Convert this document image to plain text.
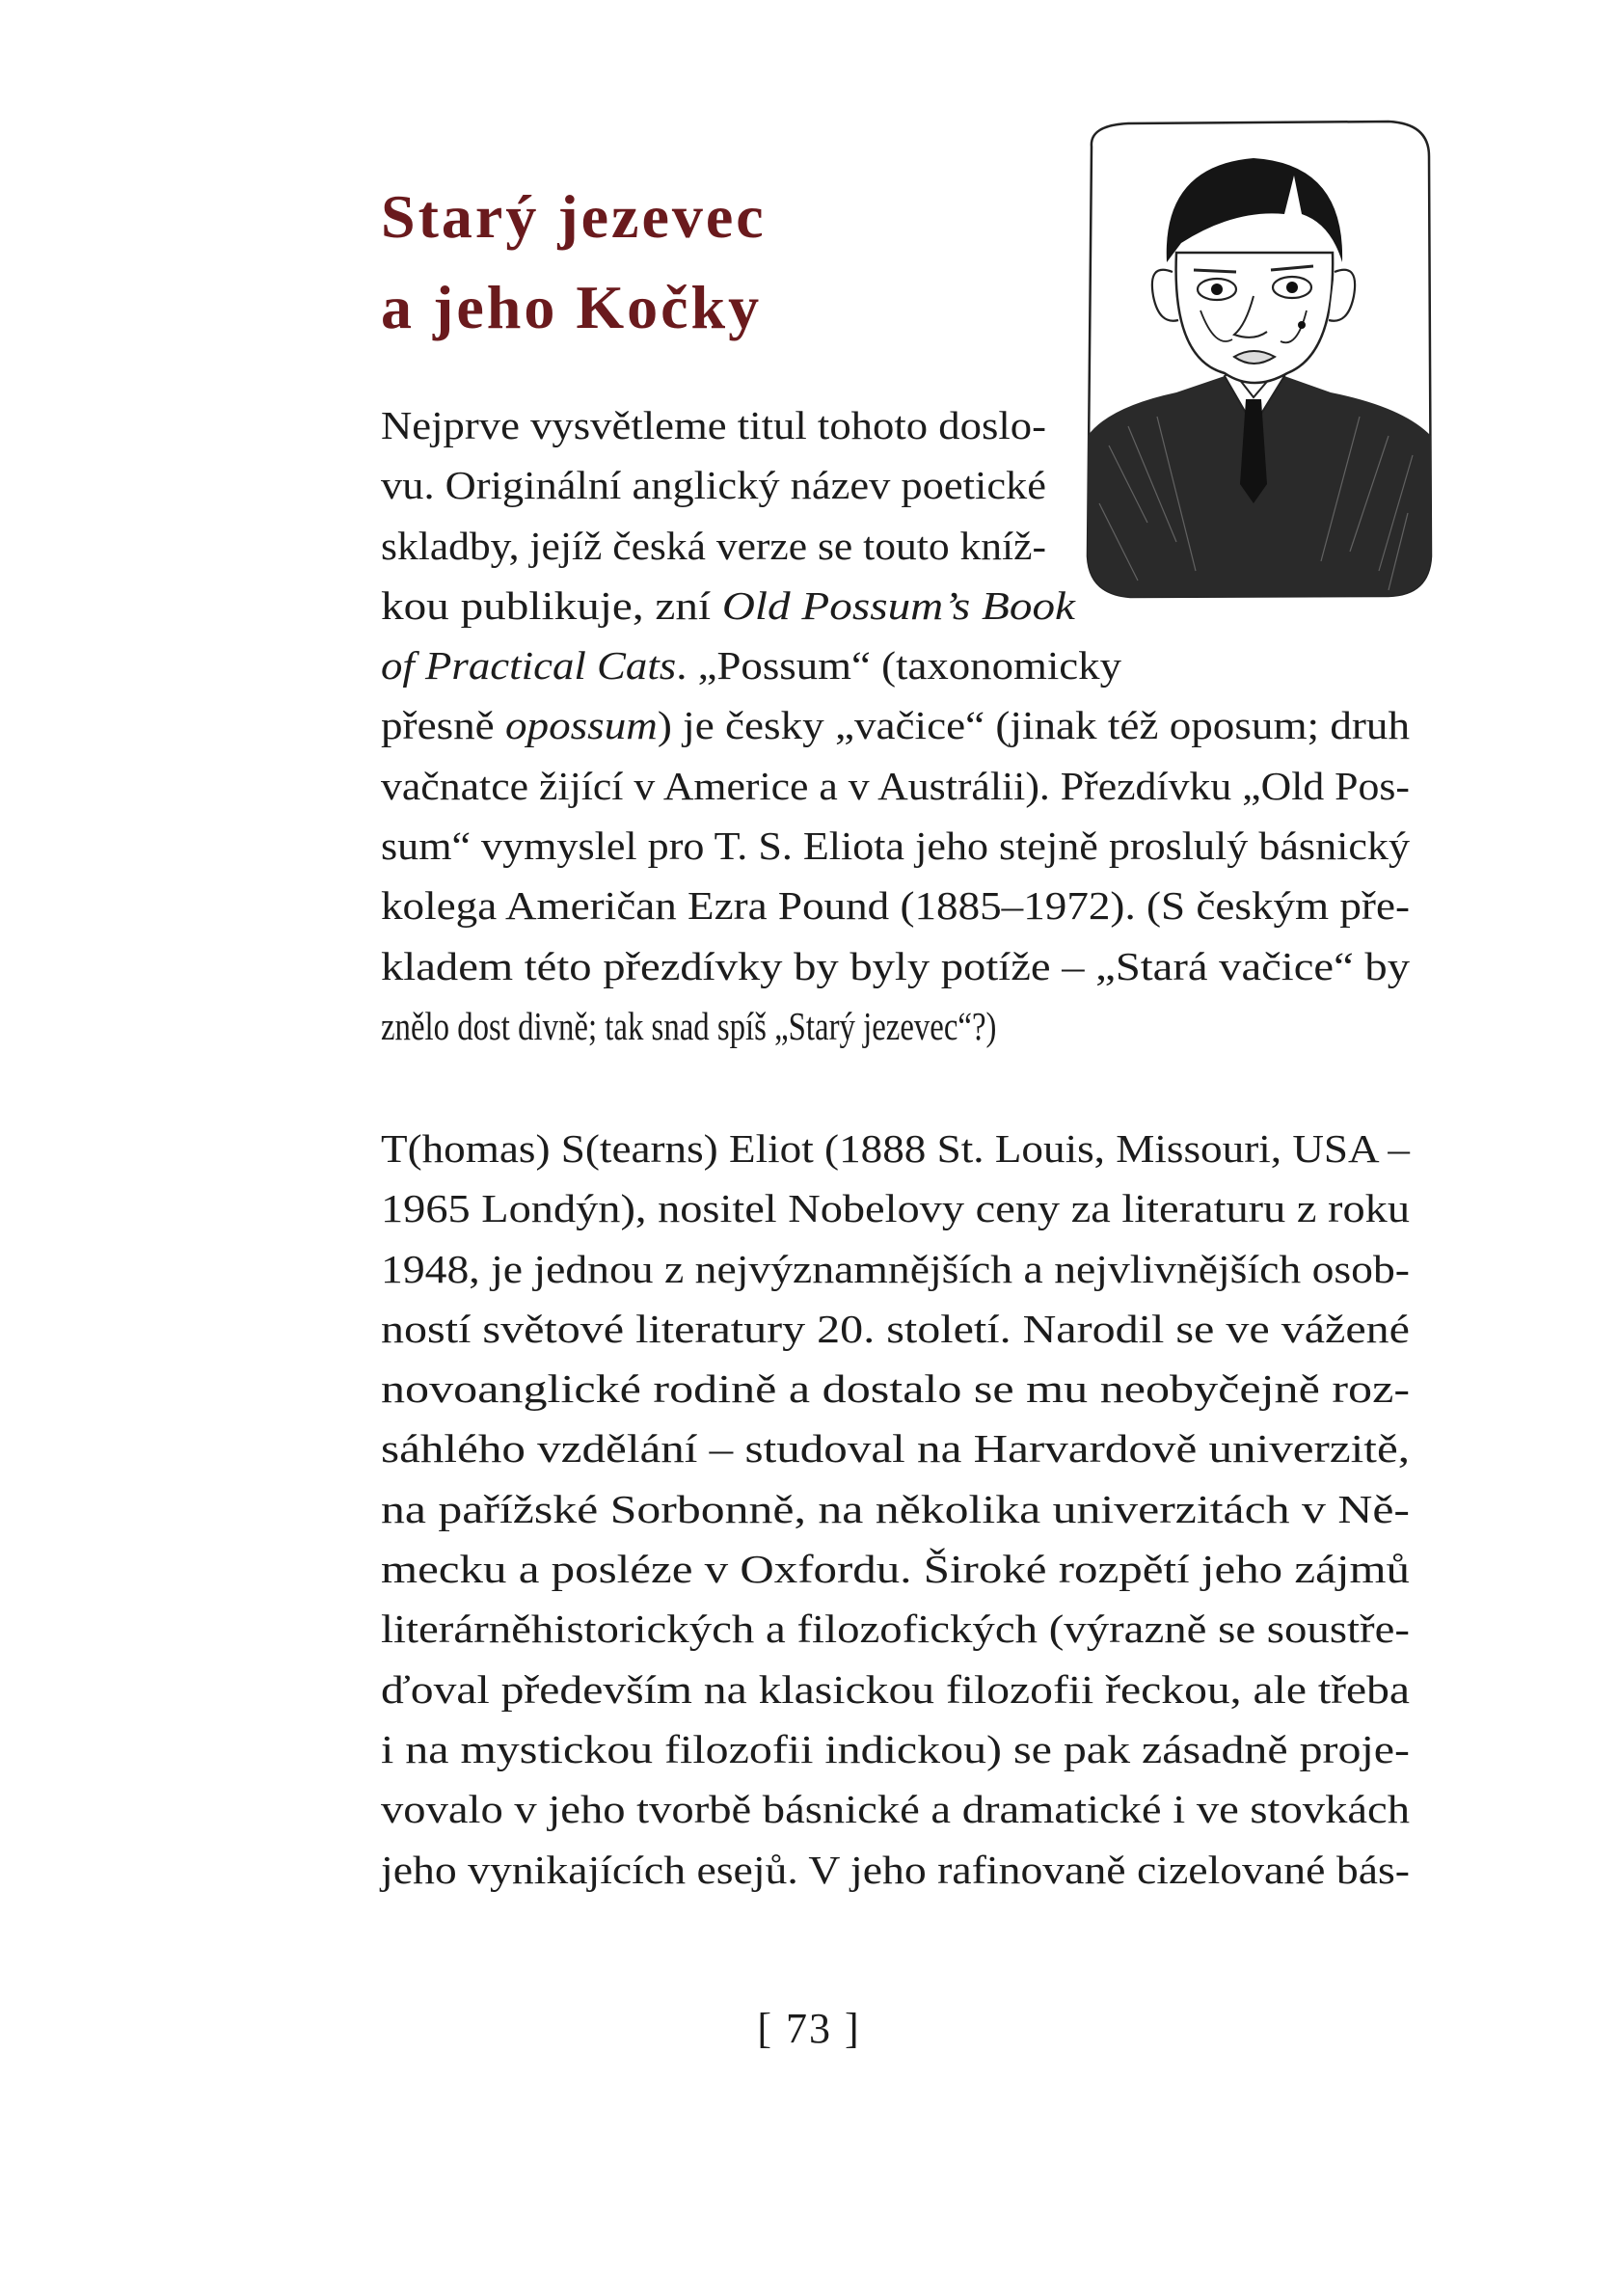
Starý jezevec
a jeho Kočky
Nejprve vysvětleme titul tohoto doslo-
vu. Originální anglický název poetické
skladby, jejíž česká verze se touto kníž-
kou publikuje, zní Old Possum’s Book
of Practical Cats. „Possum“ (taxonomicky
přesně opossum) je česky „vačice“ (jinak též oposum; druh
vačnatce žijící v Americe a v Austrálii). Přezdívku „Old Pos-
sum“ vymyslel pro T. S. Eliota jeho stejně proslulý básnický
kolega Američan Ezra Pound (1885–1972). (S českým pře-
kladem této přezdívky by byly potíže – „Stará vačice“ by
znělo dost divně; tak snad spíš „Starý jezevec“?)
T(homas) S(tearns) Eliot (1888 St. Louis, Missouri, USA –
1965 Londýn), nositel Nobelovy ceny za literaturu z roku
1948, je jednou z nejvýznamnějších a nejvlivnějších osob-
ností světové literatury 20. století. Narodil se ve vážené
novoanglické rodině a dostalo se mu neobyčejně roz-
sáhlého vzdělání – studoval na Harvardově univerzitě,
na pařížské Sorbonně, na několika univerzitách v Ně-
mecku a posléze v Oxfordu. Široké rozpětí jeho zájmů
literárněhistorických a filozofických (výrazně se soustře-
ďoval především na klasickou filozofii řeckou, ale třeba
i na mystickou filozofii indickou) se pak zásadně proje-
vovalo v jeho tvorbě básnické a dramatické i ve stovkách
jeho vynikajících esejů. V jeho rafinovaně cizelované bás-
[ 73 ]
